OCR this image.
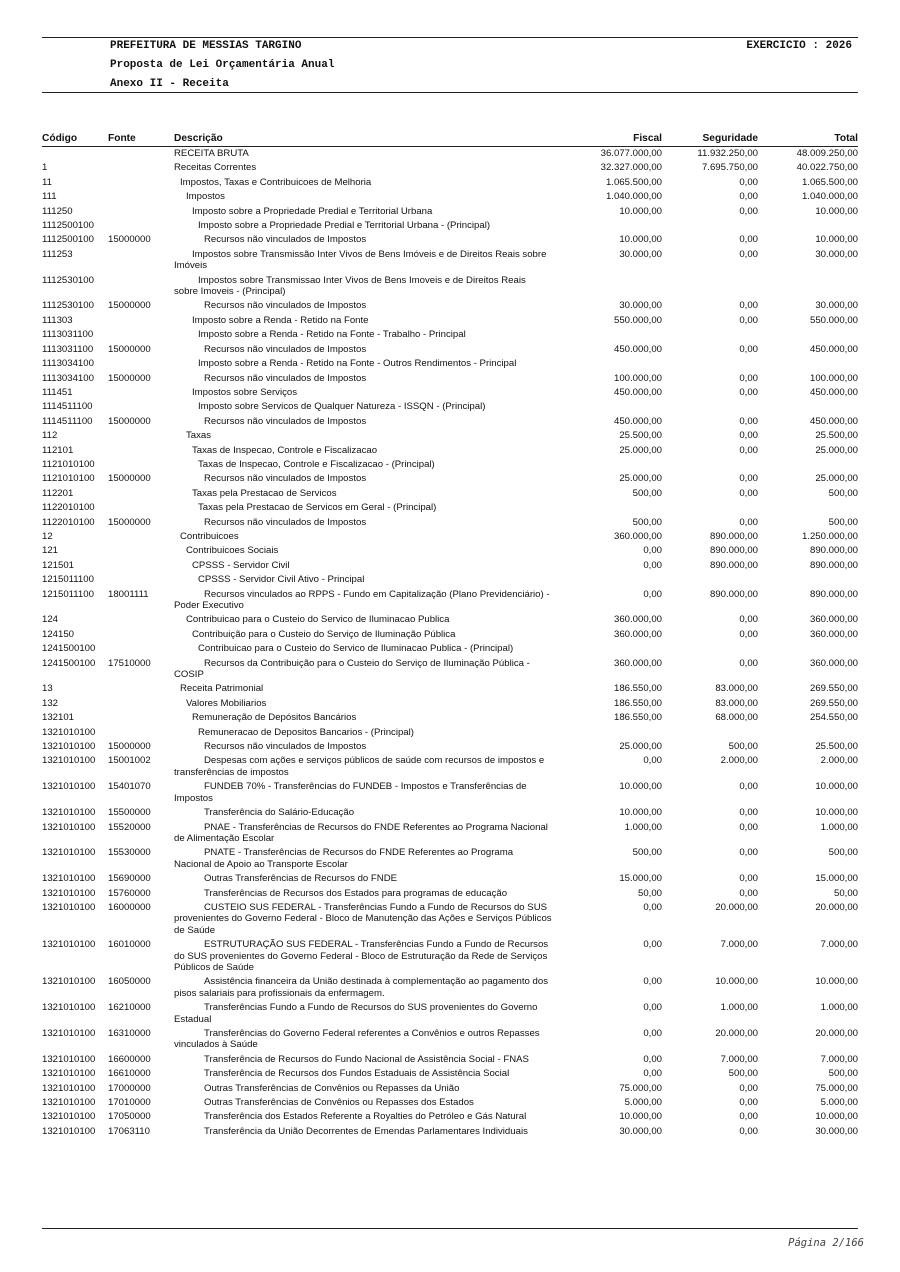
PREFEITURA DE MESSIAS TARGINO	EXERCICIO : 2026
Proposta de Lei Orçamentária Anual
Anexo II - Receita
Código	Fonte	Descrição	Fiscal	Seguridade	Total
		RECEITA BRUTA	36.077.000,00	11.932.250,00	48.009.250,00
1		Receitas Correntes	32.327.000,00	7.695.750,00	40.022.750,00
11		Impostos, Taxas e Contribuicoes de Melhoria	1.065.500,00	0,00	1.065.500,00
111		Impostos	1.040.000,00	0,00	1.040.000,00
111250		Imposto sobre a Propriedade Predial e Territorial Urbana	10.000,00	0,00	10.000,00
1112500100		Imposto sobre a Propriedade Predial e Territorial Urbana - (Principal)			
1112500100	15000000	Recursos não vinculados de Impostos	10.000,00	0,00	10.000,00
111253		Impostos sobre Transmissão Inter Vivos de Bens Imóveis e de Direitos Reais sobre Imóveis	30.000,00	0,00	30.000,00
1112530100		Impostos sobre Transmissao Inter Vivos de Bens Imoveis e de Direitos Reais sobre Imoveis - (Principal)			
1112530100	15000000	Recursos não vinculados de Impostos	30.000,00	0,00	30.000,00
111303		Imposto sobre a Renda - Retido na Fonte	550.000,00	0,00	550.000,00
1113031100		Imposto sobre a Renda - Retido na Fonte - Trabalho - Principal			
1113031100	15000000	Recursos não vinculados de Impostos	450.000,00	0,00	450.000,00
1113034100		Imposto sobre a Renda - Retido na Fonte - Outros Rendimentos - Principal			
1113034100	15000000	Recursos não vinculados de Impostos	100.000,00	0,00	100.000,00
111451		Impostos sobre Serviços	450.000,00	0,00	450.000,00
1114511100		Imposto sobre Servicos de Qualquer Natureza - ISSQN - (Principal)			
1114511100	15000000	Recursos não vinculados de Impostos	450.000,00	0,00	450.000,00
112		Taxas	25.500,00	0,00	25.500,00
112101		Taxas de Inspecao, Controle e Fiscalizacao	25.000,00	0,00	25.000,00
1121010100		Taxas de Inspecao, Controle e Fiscalizacao - (Principal)			
1121010100	15000000	Recursos não vinculados de Impostos	25.000,00	0,00	25.000,00
112201		Taxas pela Prestacao de Servicos	500,00	0,00	500,00
1122010100		Taxas pela Prestacao de Servicos em Geral - (Principal)			
1122010100	15000000	Recursos não vinculados de Impostos	500,00	0,00	500,00
12		Contribuicoes	360.000,00	890.000,00	1.250.000,00
121		Contribuicoes Sociais	0,00	890.000,00	890.000,00
121501		CPSSS - Servidor Civil	0,00	890.000,00	890.000,00
1215011100		CPSSS - Servidor Civil Ativo - Principal			
1215011100	18001111	Recursos vinculados ao RPPS - Fundo em Capitalização (Plano Previdenciário) - Poder Executivo	0,00	890.000,00	890.000,00
124		Contribuicao para o Custeio do Servico de Iluminacao Publica	360.000,00	0,00	360.000,00
124150		Contribuição para o Custeio do Serviço de Iluminação Pública	360.000,00	0,00	360.000,00
1241500100		Contribuicao para o Custeio do Servico de Iluminacao Publica - (Principal)			
1241500100	17510000	Recursos da Contribuição para o Custeio do Serviço de Iluminação Pública - COSIP	360.000,00	0,00	360.000,00
13		Receita Patrimonial	186.550,00	83.000,00	269.550,00
132		Valores Mobiliarios	186.550,00	83.000,00	269.550,00
132101		Remuneração de Depósitos Bancários	186.550,00	68.000,00	254.550,00
1321010100		Remuneracao de Depositos Bancarios - (Principal)			
1321010100	15000000	Recursos não vinculados de Impostos	25.000,00	500,00	25.500,00
1321010100	15001002	Despesas com ações e serviços públicos de saúde com recursos de impostos e transferências de impostos	0,00	2.000,00	2.000,00
1321010100	15401070	FUNDEB 70% - Transferências do FUNDEB - Impostos e Transferências de Impostos	10.000,00	0,00	10.000,00
1321010100	15500000	Transferência do Salário-Educação	10.000,00	0,00	10.000,00
1321010100	15520000	PNAE - Transferências de Recursos do FNDE Referentes ao Programa Nacional de Alimentação Escolar	1.000,00	0,00	1.000,00
1321010100	15530000	PNATE - Transferências de Recursos do FNDE Referentes ao Programa Nacional de Apoio ao Transporte Escolar	500,00	0,00	500,00
1321010100	15690000	Outras Transferências de Recursos do FNDE	15.000,00	0,00	15.000,00
1321010100	15760000	Transferências de Recursos dos Estados para programas de educação	50,00	0,00	50,00
1321010100	16000000	CUSTEIO SUS FEDERAL - Transferências Fundo a Fundo de Recursos do SUS provenientes do Governo Federal - Bloco de Manutenção das Ações e Serviços Públicos de Saúde	0,00	20.000,00	20.000,00
1321010100	16010000	ESTRUTURAÇÃO SUS FEDERAL - Transferências Fundo a Fundo de Recursos do SUS provenientes do Governo Federal - Bloco de Estruturação da Rede de Serviços Públicos de Saúde	0,00	7.000,00	7.000,00
1321010100	16050000	Assistência financeira da União destinada à complementação ao pagamento dos pisos salariais para profissionais da enfermagem.	0,00	10.000,00	10.000,00
1321010100	16210000	Transferências Fundo a Fundo de Recursos do SUS provenientes do Governo Estadual	0,00	1.000,00	1.000,00
1321010100	16310000	Transferências do Governo Federal referentes a Convênios e outros Repasses vinculados à Saúde	0,00	20.000,00	20.000,00
1321010100	16600000	Transferência de Recursos do Fundo Nacional de Assistência Social - FNAS	0,00	7.000,00	7.000,00
1321010100	16610000	Transferência de Recursos dos Fundos Estaduais de Assistência Social	0,00	500,00	500,00
1321010100	17000000	Outras Transferências de Convênios ou Repasses da União	75.000,00	0,00	75.000,00
1321010100	17010000	Outras Transferências de Convênios ou Repasses dos Estados	5.000,00	0,00	5.000,00
1321010100	17050000	Transferência dos Estados Referente a Royalties do Petróleo e Gás Natural	10.000,00	0,00	10.000,00
1321010100	17063110	Transferência da União Decorrentes de Emendas Parlamentares Individuais	30.000,00	0,00	30.000,00
Página 2/166
